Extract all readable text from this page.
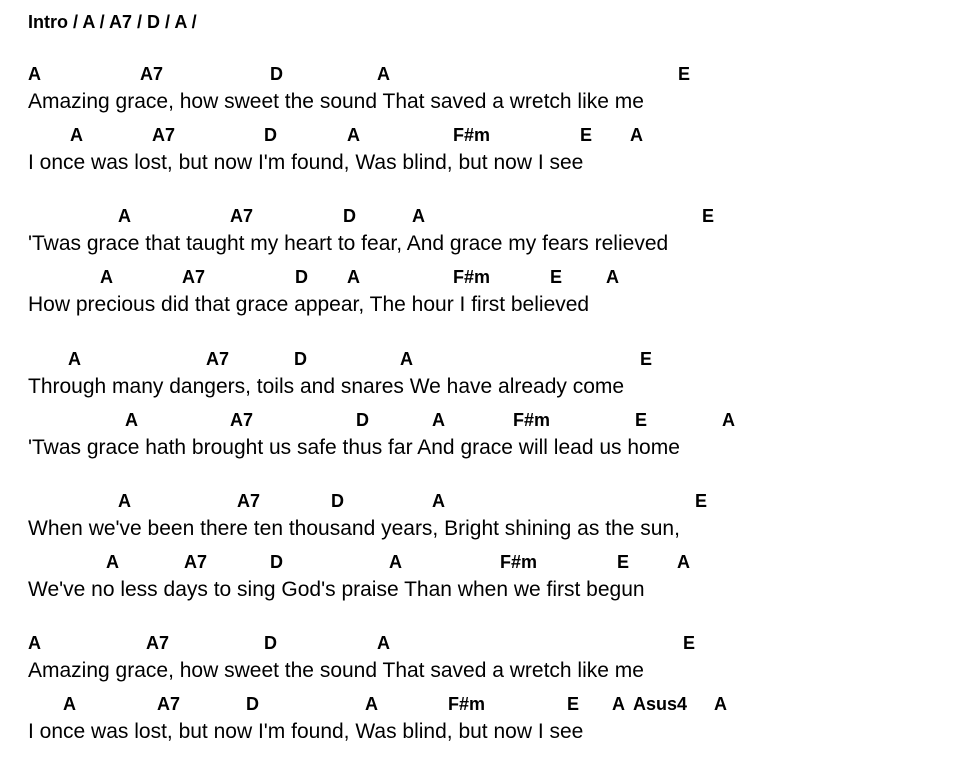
Intro / A / A7 / D / A /
A	A7	D	A	E
Amazing grace, how sweet the sound That saved a wretch like me
A	A7	D	A	F#m	E A
I once was lost, but now I'm found, Was blind, but now I see
A	A7	D	A	E
'Twas grace that taught my heart to fear, And grace my fears relieved
A	A7	D A	F#m	E A
How precious did that grace appear, The hour I first believed
A	A7	D	A	E
Through many dangers, toils and snares We have already come
A	A7	D	A	F#m	E	A
'Twas grace hath brought us safe thus far And grace will lead us home
A	A7	D	A	E
When we've been there ten thousand years, Bright shining as the sun,
A	A7	D	A	F#m	E	A
We've no less days to sing God's praise Than when we first begun
A	A7	D	A	E
Amazing grace, how sweet the sound That saved a wretch like me
A	A7	D	A	F#m	E A Asus4 A
I once was lost, but now I'm found, Was blind, but now I see
